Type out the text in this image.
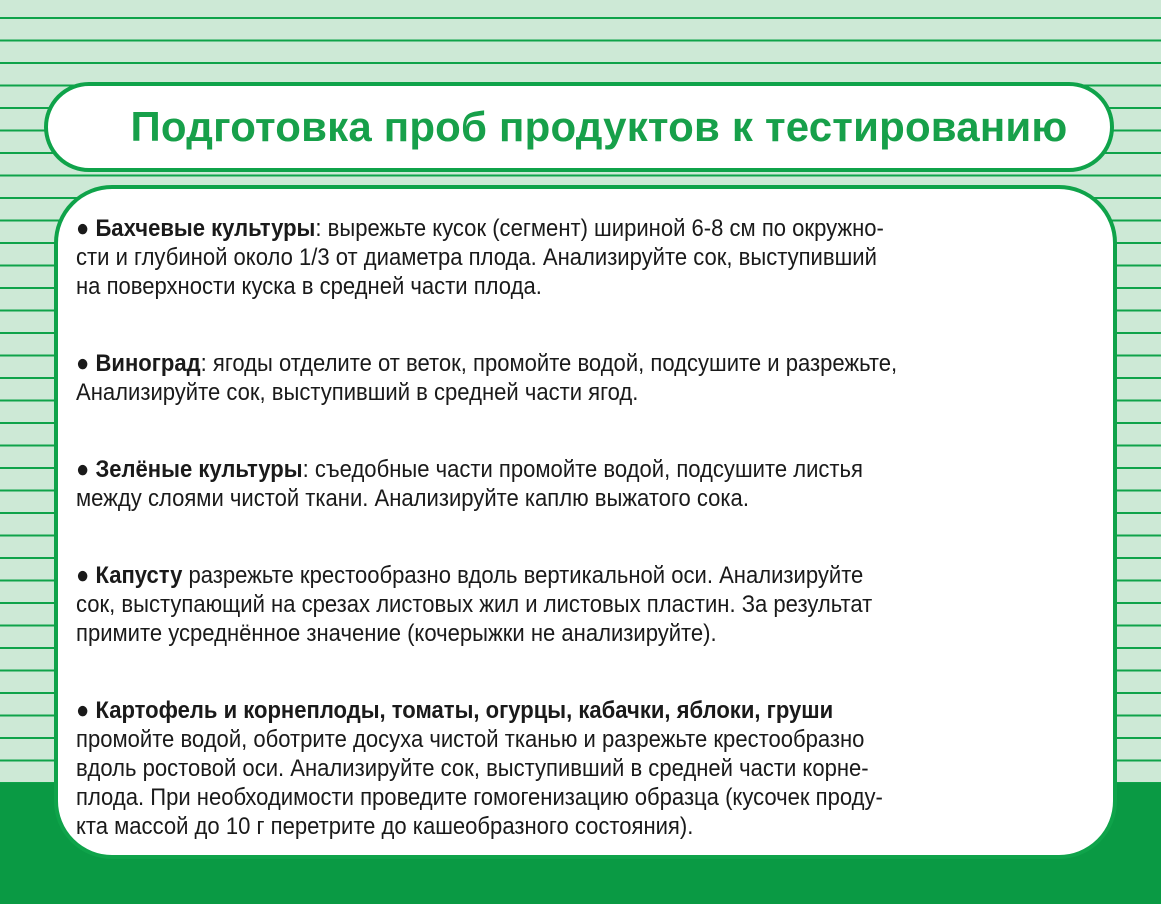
Подготовка проб продуктов к тестированию

● Бахчевые культуры: вырежьте кусок (сегмент) шириной 6-8 см по окружно-
сти и глубиной около 1/3 от диаметра плода. Анализируйте сок, выступивший
на поверхности куска в средней части плода.

● Виноград: ягоды отделите от веток, промойте водой, подсушите и разрежьте,
Анализируйте сок, выступивший в средней части ягод.

● Зелёные культуры: съедобные части промойте водой, подсушите листья
между слоями чистой ткани. Анализируйте каплю выжатого сока.

● Капусту разрежьте крестообразно вдоль вертикальной оси. Анализируйте
сок, выступающий на срезах листовых жил и листовых пластин. За результат
примите усреднённое значение (кочерыжки не анализируйте).

● Картофель и корнеплоды, томаты, огурцы, кабачки, яблоки, груши
промойте водой, оботрите досуха чистой тканью и разрежьте крестообразно
вдоль ростовой оси. Анализируйте сок, выступивший в средней части корне-
плода. При необходимости проведите гомогенизацию образца (кусочек проду-
кта массой до 10 г перетрите до кашеобразного состояния).
